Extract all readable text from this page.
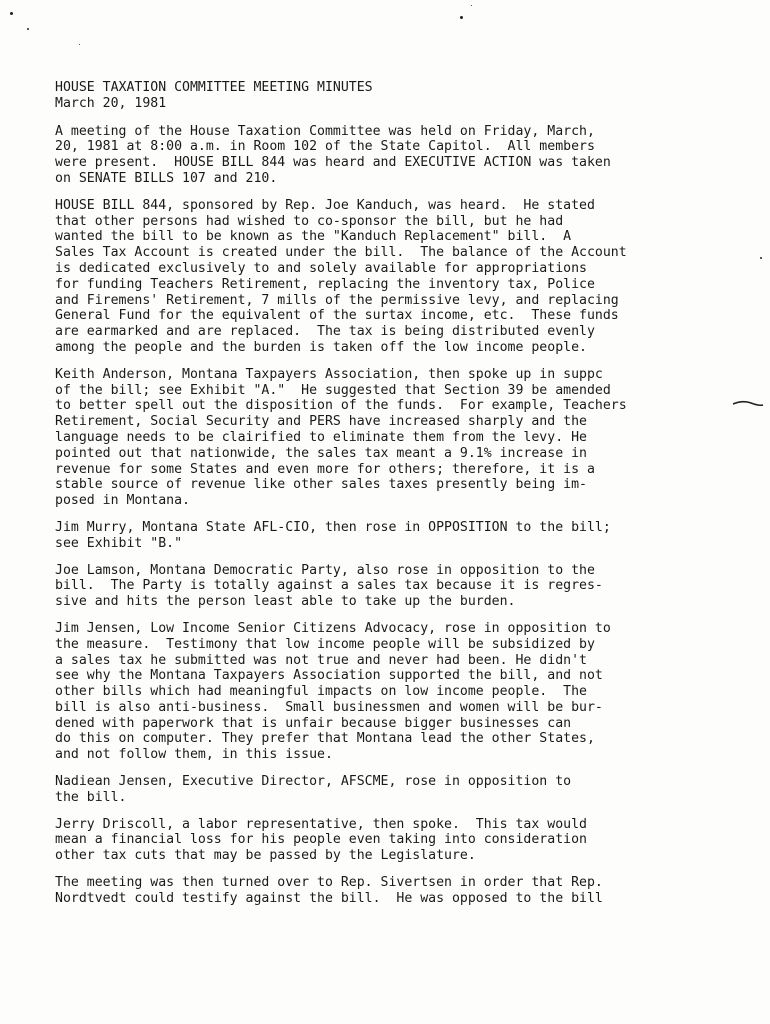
HOUSE TAXATION COMMITTEE MEETING MINUTES
March 20, 1981
A meeting of the House Taxation Committee was held on Friday, March,
20, 1981 at 8:00 a.m. in Room 102 of the State Capitol.  All members
were present.  HOUSE BILL 844 was heard and EXECUTIVE ACTION was taken
on SENATE BILLS 107 and 210.
HOUSE BILL 844, sponsored by Rep. Joe Kanduch, was heard.  He stated
that other persons had wished to co-sponsor the bill, but he had
wanted the bill to be known as the "Kanduch Replacement" bill.  A
Sales Tax Account is created under the bill.  The balance of the Account
is dedicated exclusively to and solely available for appropriations
for funding Teachers Retirement, replacing the inventory tax, Police
and Firemens' Retirement, 7 mills of the permissive levy, and replacing
General Fund for the equivalent of the surtax income, etc.  These funds
are earmarked and are replaced.  The tax is being distributed evenly
among the people and the burden is taken off the low income people.
Keith Anderson, Montana Taxpayers Association, then spoke up in suppc
of the bill; see Exhibit "A."  He suggested that Section 39 be amended
to better spell out the disposition of the funds.  For example, Teachers
Retirement, Social Security and PERS have increased sharply and the
language needs to be clairified to eliminate them from the levy. He
pointed out that nationwide, the sales tax meant a 9.1% increase in
revenue for some States and even more for others; therefore, it is a
stable source of revenue like other sales taxes presently being im-
posed in Montana.
Jim Murry, Montana State AFL-CIO, then rose in OPPOSITION to the bill;
see Exhibit "B."
Joe Lamson, Montana Democratic Party, also rose in opposition to the
bill.  The Party is totally against a sales tax because it is regres-
sive and hits the person least able to take up the burden.
Jim Jensen, Low Income Senior Citizens Advocacy, rose in opposition to
the measure.  Testimony that low income people will be subsidized by
a sales tax he submitted was not true and never had been. He didn't
see why the Montana Taxpayers Association supported the bill, and not
other bills which had meaningful impacts on low income people.  The
bill is also anti-business.  Small businessmen and women will be bur-
dened with paperwork that is unfair because bigger businesses can
do this on computer. They prefer that Montana lead the other States,
and not follow them, in this issue.
Nadiean Jensen, Executive Director, AFSCME, rose in opposition to
the bill.
Jerry Driscoll, a labor representative, then spoke.  This tax would
mean a financial loss for his people even taking into consideration
other tax cuts that may be passed by the Legislature.
The meeting was then turned over to Rep. Sivertsen in order that Rep.
Nordtvedt could testify against the bill.  He was opposed to the bill
